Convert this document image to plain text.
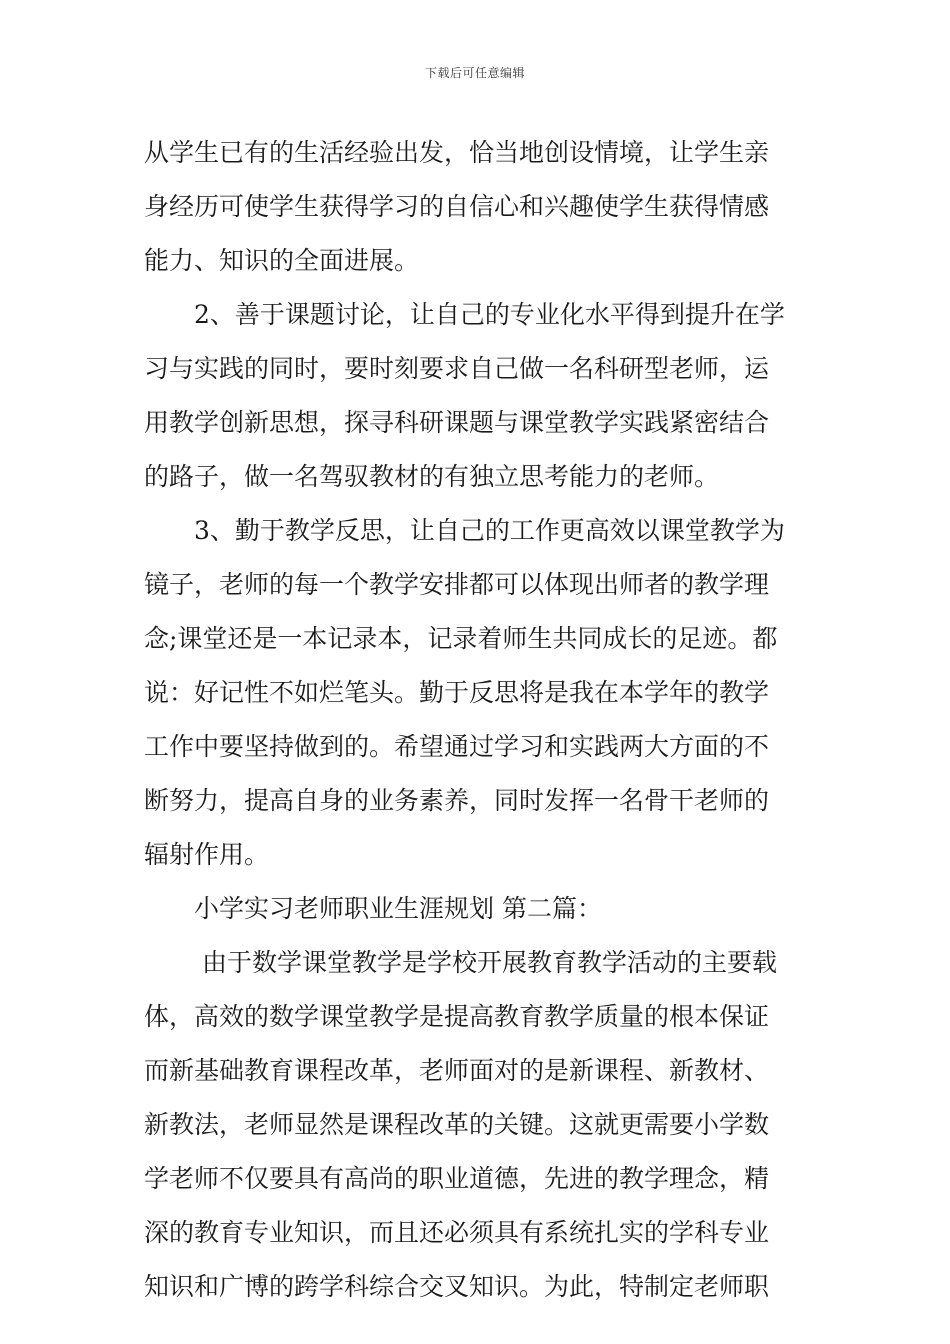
下载后可任意编辑
从学生已有的生活经验出发，恰当地创设情境，让学生亲
身经历可使学生获得学习的自信心和兴趣使学生获得情感
能力、知识的全面进展。
2、善于课题讨论，让自己的专业化水平得到提升在学
习与实践的同时，要时刻要求自己做一名科研型老师，运
用教学创新思想，探寻科研课题与课堂教学实践紧密结合
的路子，做一名驾驭教材的有独立思考能力的老师。
3、勤于教学反思，让自己的工作更高效以课堂教学为
镜子，老师的每一个教学安排都可以体现出师者的教学理
念;课堂还是一本记录本，记录着师生共同成长的足迹。都
说：好记性不如烂笔头。勤于反思将是我在本学年的教学
工作中要坚持做到的。希望通过学习和实践两大方面的不
断努力，提高自身的业务素养，同时发挥一名骨干老师的
辐射作用。
小学实习老师职业生涯规划 第二篇：
由于数学课堂教学是学校开展教育教学活动的主要载
体，高效的数学课堂教学是提高教育教学质量的根本保证
而新基础教育课程改革，老师面对的是新课程、新教材、
新教法，老师显然是课程改革的关键。这就更需要小学数
学老师不仅要具有高尚的职业道德，先进的教学理念，精
深的教育专业知识，而且还必须具有系统扎实的学科专业
知识和广博的跨学科综合交叉知识。为此，特制定老师职
